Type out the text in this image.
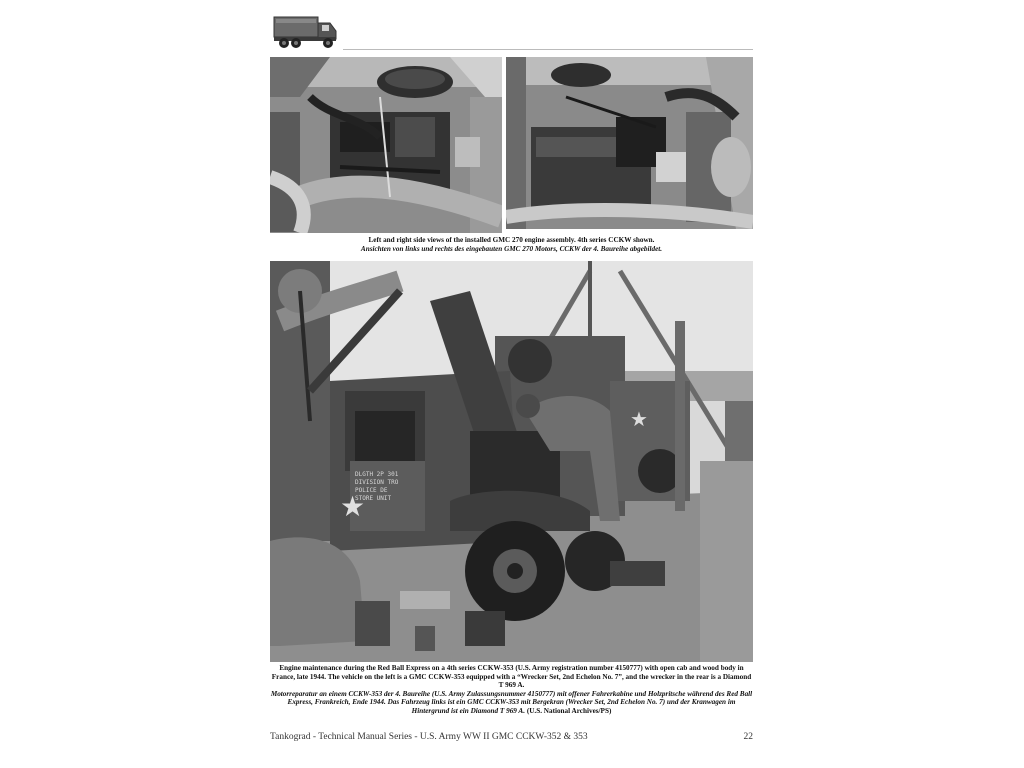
Left and right side views of the installed GMC 270 engine assembly. 4th series CCKW shown.
Ansichten von links und rechts des eingebauten GMC 270 Motors, CCKW der 4. Baureihe abgebildet.
★
DLGTH 2P 301
DIVISION TRO
POLICE DE
STORE UNIT
★
Engine maintenance during the Red Ball Express on a 4th series CCKW-353 (U.S. Army registration number 4150777) with open cab and wood body in France, late 1944. The vehicle on the left is a GMC CCKW-353 equipped with a “Wrecker Set, 2nd Echelon No. 7”, and the wrecker in the rear is a Diamond T 969 A.
Motorreparatur an einem CCKW-353 der 4. Baureihe (U.S. Army Zulassungsnummer 4150777) mit offener Fahrerkabine und Holzpritsche während des Red Ball Express, Frankreich, Ende 1944. Das Fahrzeug links ist ein GMC CCKW-353 mit Bergekran (Wrecker Set, 2nd Echelon No. 7) und der Kranwagen im Hintergrund ist ein Diamond T 969 A. (U.S. National Archives/PS)
Tankograd - Technical Manual Series - U.S. Army WW II GMC CCKW-352 & 353	22
